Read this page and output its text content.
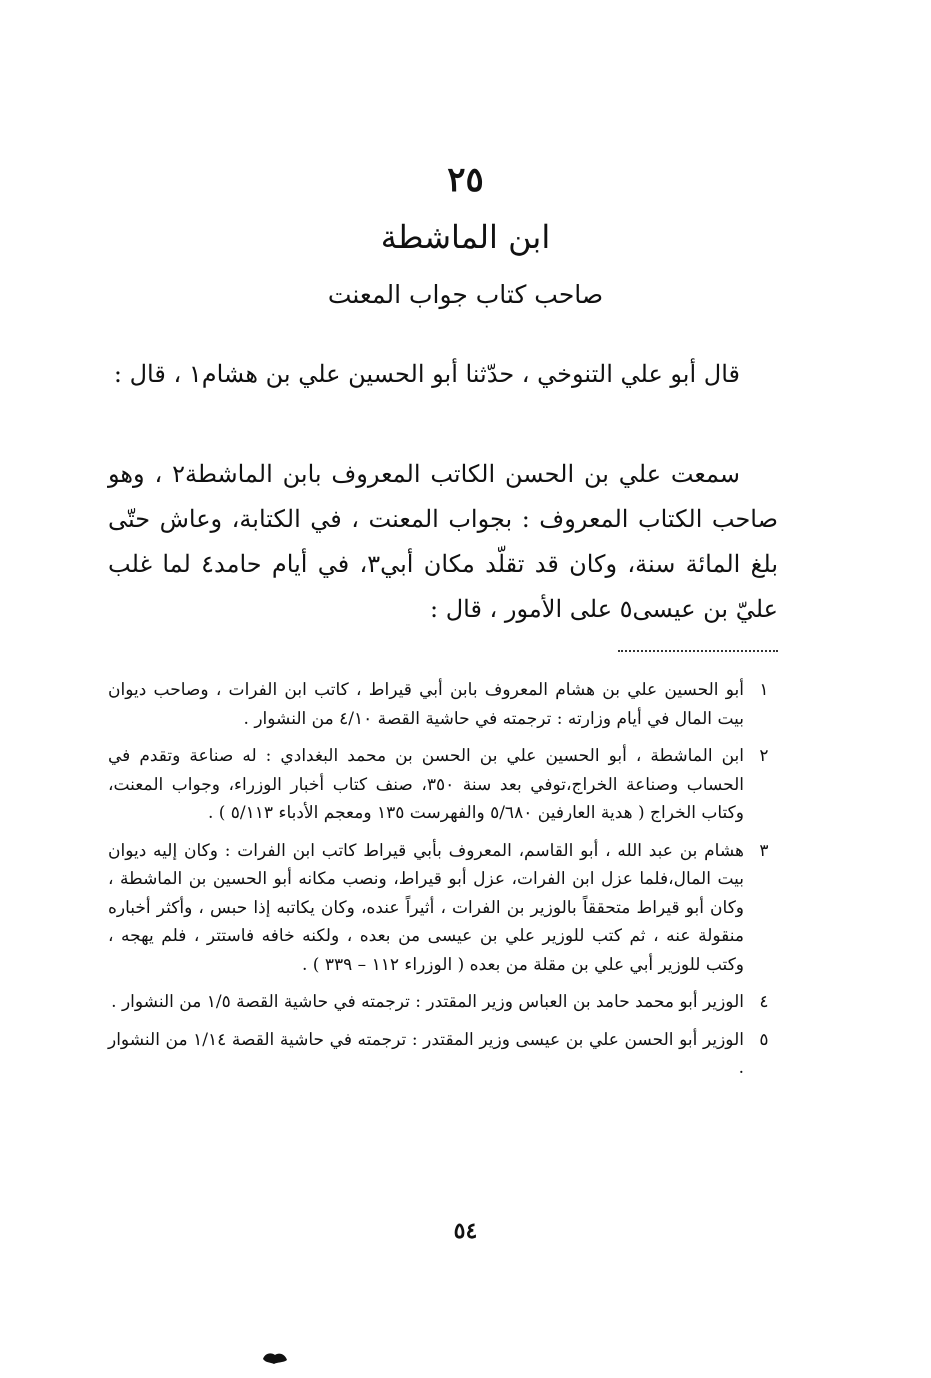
٢٥
ابن الماشطة
صاحب كتاب جواب المعنت

قال أبو علي التنوخي ، حدّثنا أبو الحسين علي بن هشام١ ، قال :

سمعت علي بن الحسن الكاتب المعروف بابن الماشطة٢ ، وهو صاحب الكتاب المعروف : بجواب المعنت ، في الكتابة، وعاش حتّى بلغ المائة سنة، وكان قد تقلّد مكان أبي٣، في أيام حامد٤ لما غلب عليّ بن عيسى٥ على الأمور ، قال :

١
أبو الحسين علي بن هشام المعروف بابن أبي قيراط ، كاتب ابن الفرات ، وصاحب ديوان بيت المال في أيام وزارته : ترجمته في حاشية القصة ٤/١٠ من النشوار .
٢
ابن الماشطة ، أبو الحسين علي بن الحسن بن محمد البغدادي : له صناعة وتقدم في الحساب وصناعة الخراج،توفي بعد سنة ٣٥٠، صنف كتاب أخبار الوزراء، وجواب المعنت، وكتاب الخراج ( هدية العارفين ٥/٦٨٠ والفهرست ١٣٥ ومعجم الأدباء ٥/١١٣ ) .
٣
هشام بن عبد الله ، أبو القاسم، المعروف بأبي قيراط كاتب ابن الفرات : وكان إليه ديوان بيت المال،فلما عزل ابن الفرات، عزل أبو قيراط، ونصب مكانه أبو الحسين بن الماشطة ، وكان أبو قيراط متحققاً بالوزير بن الفرات ، أثيراً عنده، وكان يكاتبه إذا حبس ، وأكثر أخباره منقولة عنه ، ثم كتب للوزير علي بن عيسى من بعده ، ولكنه خافه فاستتر ، فلم يهجه ، وكتب للوزير أبي علي بن مقلة من بعده ( الوزراء ١١٢ – ٣٣٩ ) .
٤
الوزير أبو محمد حامد بن العباس وزير المقتدر : ترجمته في حاشية القصة ١/٥ من النشوار .
٥
الوزير أبو الحسن علي بن عيسى وزير المقتدر : ترجمته في حاشية القصة ١/١٤ من النشوار .
٥٤
